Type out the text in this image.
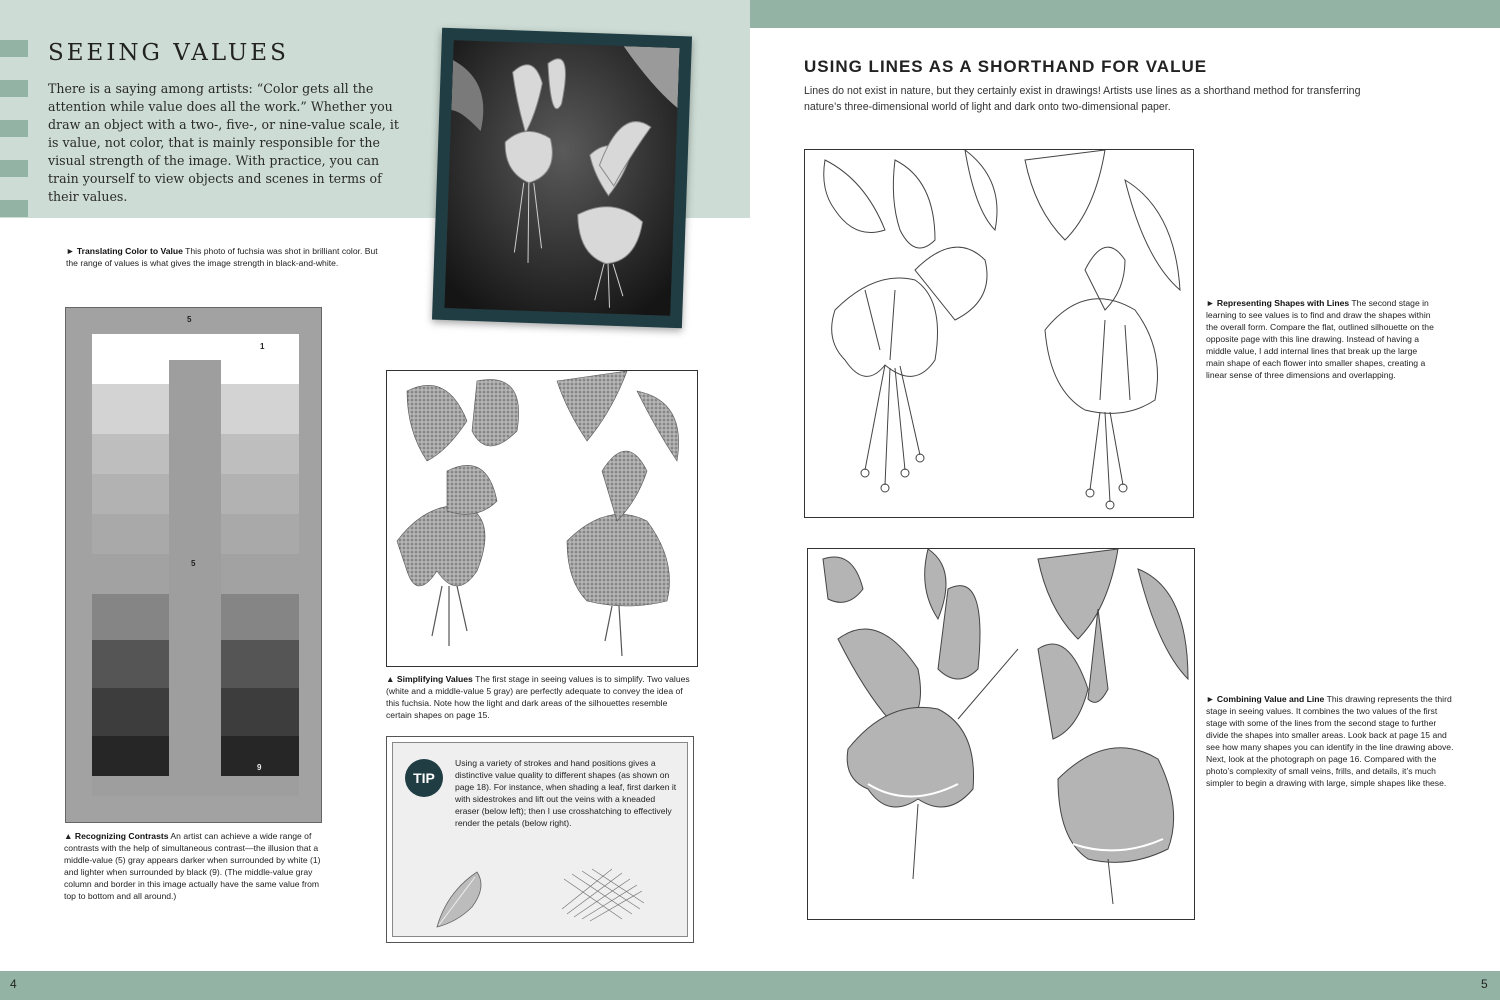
SEEING VALUES
There is a saying among artists: “Color gets all the attention while value does all the work.” Whether you draw an object with a two-, five-, or nine-value scale, it is value, not color, that is mainly responsible for the visual strength of the image. With practice, you can train yourself to view objects and scenes in terms of their values.
► Translating Color to Value This photo of fuchsia was shot in brilliant color. But the range of values is what gives the image strength in black-and-white.
5
1
5
9
▲ Recognizing Contrasts An artist can achieve a wide range of contrasts with the help of simultaneous contrast—the illusion that a middle-value (5) gray appears darker when surrounded by white (1) and lighter when surrounded by black (9). (The middle-value gray column and border in this image actually have the same value from top to bottom and all around.)
▲ Simplifying Values The first stage in seeing values is to simplify. Two values (white and a middle-value 5 gray) are perfectly adequate to convey the idea of this fuchsia. Note how the light and dark areas of the silhouettes resemble certain shapes on page 15.
TIP
Using a variety of strokes and hand positions gives a distinctive value quality to different shapes (as shown on page 18). For instance, when shading a leaf, first darken it with sidestrokes and lift out the veins with a kneaded eraser (below left); then I use crosshatching to effectively render the petals (below right).
4
USING LINES AS A SHORTHAND FOR VALUE
Lines do not exist in nature, but they certainly exist in drawings! Artists use lines as a shorthand method for transferring nature’s three-dimensional world of light and dark onto two-dimensional paper.
► Representing Shapes with Lines The second stage in learning to see values is to find and draw the shapes within the overall form. Compare the flat, outlined silhouette on the opposite page with this line drawing. Instead of having a middle value, I add internal lines that break up the large main shape of each flower into smaller shapes, creating a linear sense of three dimensions and overlapping.
► Combining Value and Line This drawing represents the third stage in seeing values. It combines the two values of the first stage with some of the lines from the second stage to further divide the shapes into smaller areas. Look back at page 15 and see how many shapes you can identify in the line drawing above. Next, look at the photograph on page 16. Compared with the photo’s complexity of small veins, frills, and details, it’s much simpler to begin a drawing with large, simple shapes like these.
5
